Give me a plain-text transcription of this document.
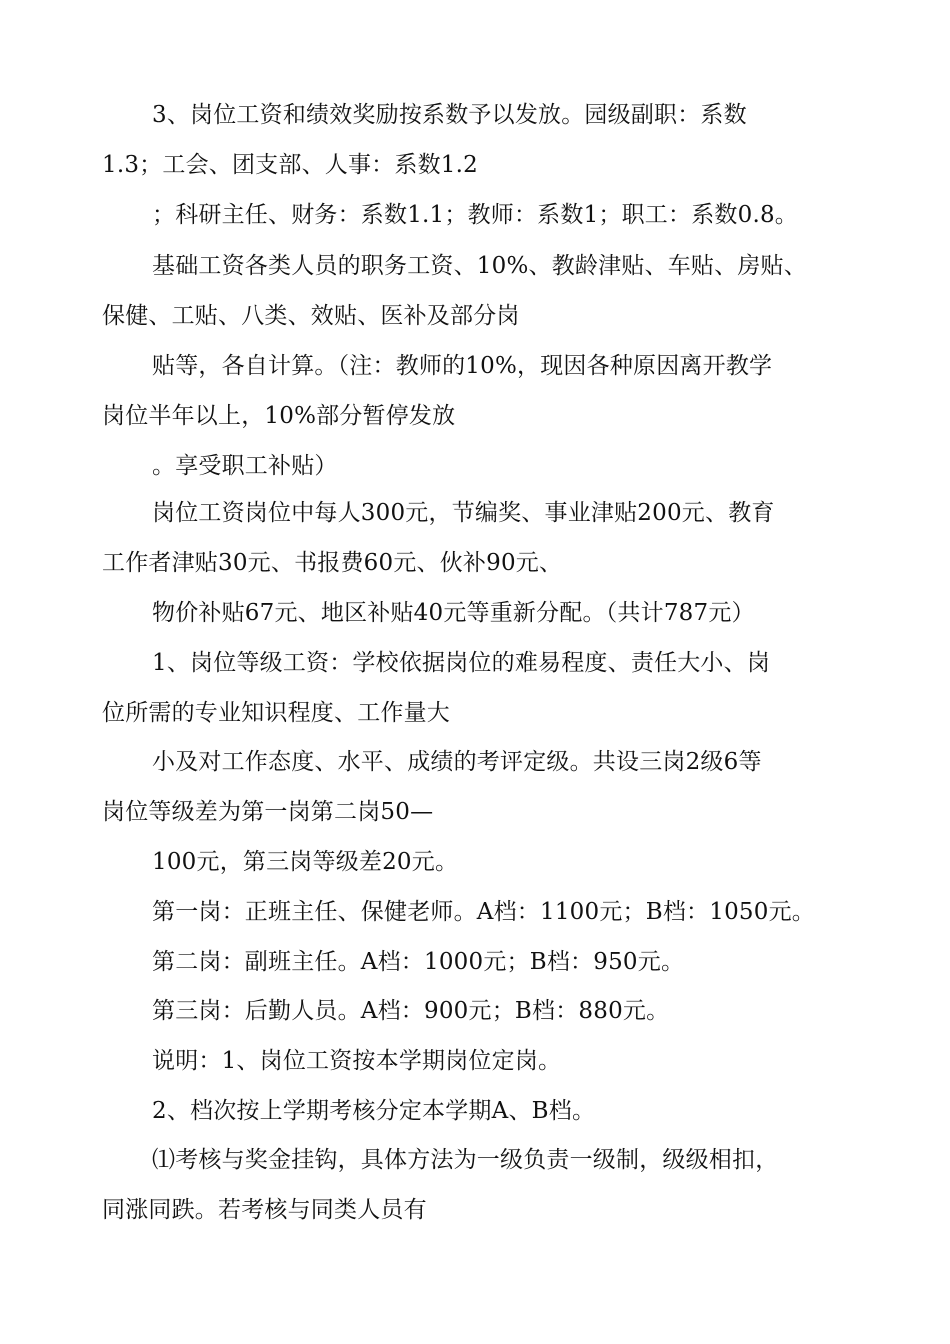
3、岗位工资和绩效奖励按系数予以发放。园级副职：系数
1.3；工会、团支部、人事：系数1.2
；科研主任、财务：系数1.1；教师：系数1；职工：系数0.8。
基础工资各类人员的职务工资、10%、教龄津贴、车贴、房贴、
保健、工贴、八类、效贴、医补及部分岗
贴等，各自计算。（注：教师的10%，现因各种原因离开教学
岗位半年以上，10%部分暂停发放
。享受职工补贴）
岗位工资岗位中每人300元，节编奖、事业津贴200元、教育
工作者津贴30元、书报费60元、伙补90元、
物价补贴67元、地区补贴40元等重新分配。（共计787元）
1、岗位等级工资：学校依据岗位的难易程度、责任大小、岗
位所需的专业知识程度、工作量大
小及对工作态度、水平、成绩的考评定级。共设三岗2级6等
岗位等级差为第一岗第二岗50—
100元，第三岗等级差20元。
第一岗：正班主任、保健老师。A档：1100元；B档：1050元。
第二岗：副班主任。A档：1000元；B档：950元。
第三岗：后勤人员。A档：900元；B档：880元。
说明：1、岗位工资按本学期岗位定岗。
2、档次按上学期考核分定本学期A、B档。
⑴考核与奖金挂钩，具体方法为一级负责一级制，级级相扣，
同涨同跌。若考核与同类人员有
